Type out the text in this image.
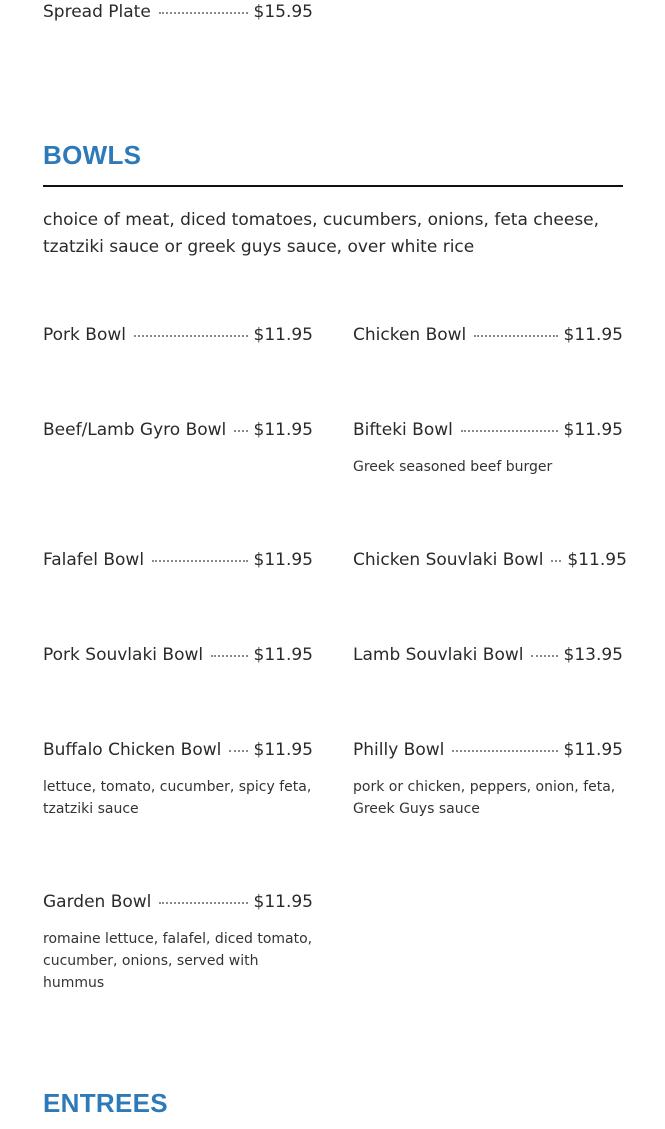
Spread Plate	$15.95
BOWLS
choice of meat, diced tomatoes, cucumbers, onions, feta cheese, tzatziki sauce or greek guys sauce, over white rice
Pork Bowl	$11.95 Chicken Bowl	$11.95
Beef/Lamb Gyro Bowl $11.95 Bifteki Bowl	$11.95
Greek seasoned beef burger
Falafel Bowl	$11.95 Chicken Souvlaki Bowl $11.95
Pork Souvlaki Bowl	$11.95 Lamb Souvlaki Bowl $13.95
Buffalo Chicken Bowl $11.95
lettuce, tomato, cucumber, spicy feta, tzatziki sauce
Philly Bowl	$11.95
pork or chicken, peppers, onion, feta, Greek Guys sauce
Garden Bowl	$11.95
romaine lettuce, falafel, diced tomato, cucumber, onions, served with hummus
ENTREES
